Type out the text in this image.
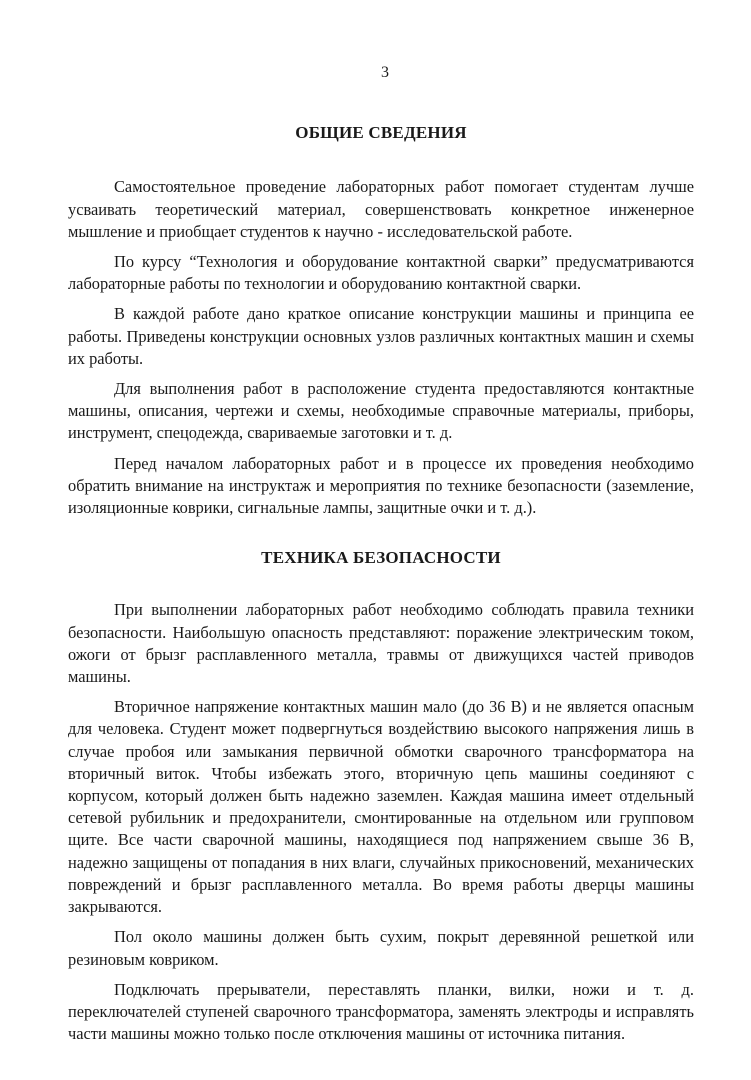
3
ОБЩИЕ СВЕДЕНИЯ

Самостоятельное проведение лабораторных работ помогает студентам лучше усваивать теоретический материал, совершенствовать конкретное инженерное мышление и приобщает студентов к научно - исследовательской работе.

По курсу “Технология и оборудование контактной сварки” предусматриваются лабораторные работы по технологии и оборудованию контактной сварки.

В каждой работе дано краткое описание конструкции машины и принципа ее работы. Приведены конструкции основных узлов различных контактных машин и схемы их работы.

Для выполнения работ в расположение студента предоставляются контактные машины, описания, чертежи и схемы, необходимые справочные материалы, приборы, инструмент, спецодежда, свариваемые заготовки и т. д.

Перед началом лабораторных работ и в процессе их проведения необходимо обратить внимание на инструктаж и мероприятия по технике безопасности (заземление, изоляционные коврики, сигнальные лампы, защитные очки и т. д.).

ТЕХНИКА БЕЗОПАСНОСТИ

При выполнении лабораторных работ необходимо соблюдать правила техники безопасности. Наибольшую опасность представляют: поражение электрическим током, ожоги от брызг расплавленного металла, травмы от движущихся частей приводов машины.

Вторичное напряжение контактных машин мало (до 36 В) и не является опасным для человека. Студент может подвергнуться воздействию высокого напряжения лишь в случае пробоя или замыкания первичной обмотки сварочного трансформатора на вторичный виток. Чтобы избежать этого, вторичную цепь машины соединяют с корпусом, который должен быть надежно заземлен. Каждая машина имеет отдельный сетевой рубильник и предохранители, смонтированные на отдельном или групповом щите. Все части сварочной машины, находящиеся под напряжением свыше 36 В, надежно защищены от попадания в них влаги, случайных прикосновений, механических повреждений и брызг расплавленного металла. Во время работы дверцы машины закрываются.

Пол около машины должен быть сухим, покрыт деревянной решеткой или резиновым ковриком.

Подключать прерыватели, переставлять планки, вилки, ножи и т. д. переключателей ступеней сварочного трансформатора, заменять электроды и исправлять части машины можно только после отключения машины от источника питания.
